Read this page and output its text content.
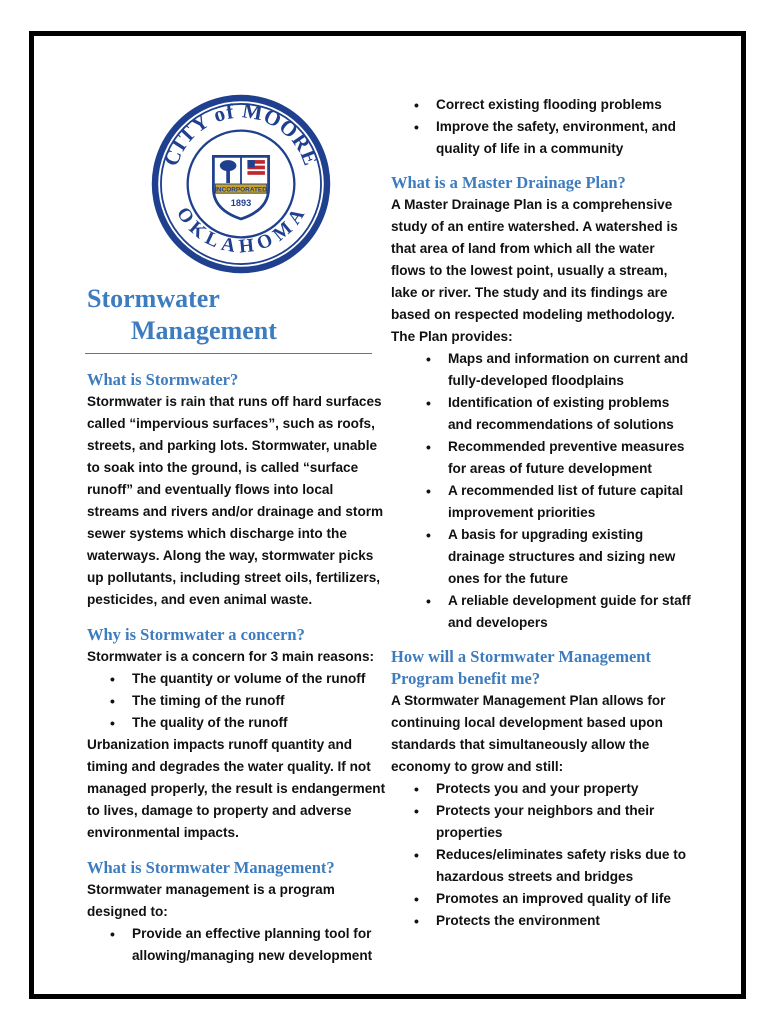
CITY of MOORE
OKLAHOMA
INCORPORATED
1893
Stormwater
Management
What is Stormwater?

Stormwater is rain that runs off hard surfaces called “impervious surfaces”, such as roofs, streets, and parking lots. Stormwater, unable to soak into the ground, is called “surface runoff” and eventually flows into local streams and rivers and/or drainage and storm sewer systems which discharge into the waterways. Along the way, stormwater picks up pollutants, including street oils, fertilizers, pesticides, and even animal waste.

Why is Stormwater a concern?

Stormwater is a concern for 3 main reasons:

• The quantity or volume of the runoff
• The timing of the runoff
• The quality of the runoff

Urbanization impacts runoff quantity and timing and degrades the water quality. If not managed properly, the result is endangerment to lives, damage to property and adverse environmental impacts.

What is Stormwater Management?

Stormwater management is a program designed to:

• Provide an effective planning tool for allowing/managing new development
• Correct existing flooding problems
• Improve the safety, environment, and quality of life in a community
What is a Master Drainage Plan?

A Master Drainage Plan is a comprehensive study of an entire watershed. A watershed is that area of land from which all the water flows to the lowest point, usually a stream, lake or river. The study and its findings are based on respected modeling methodology. The Plan provides:

• Maps and information on current and fully-developed floodplains
• Identification of existing problems and recommendations of solutions
• Recommended preventive measures for areas of future development
• A recommended list of future capital improvement priorities
• A basis for upgrading existing drainage structures and sizing new ones for the future
• A reliable development guide for staff and developers
How will a Stormwater Management Program benefit me?

A Stormwater Management Plan allows for continuing local development based upon standards that simultaneously allow the economy to grow and still:

• Protects you and your property
• Protects your neighbors and their properties
• Reduces/eliminates safety risks due to hazardous streets and bridges
• Promotes an improved quality of life
• Protects the environment
